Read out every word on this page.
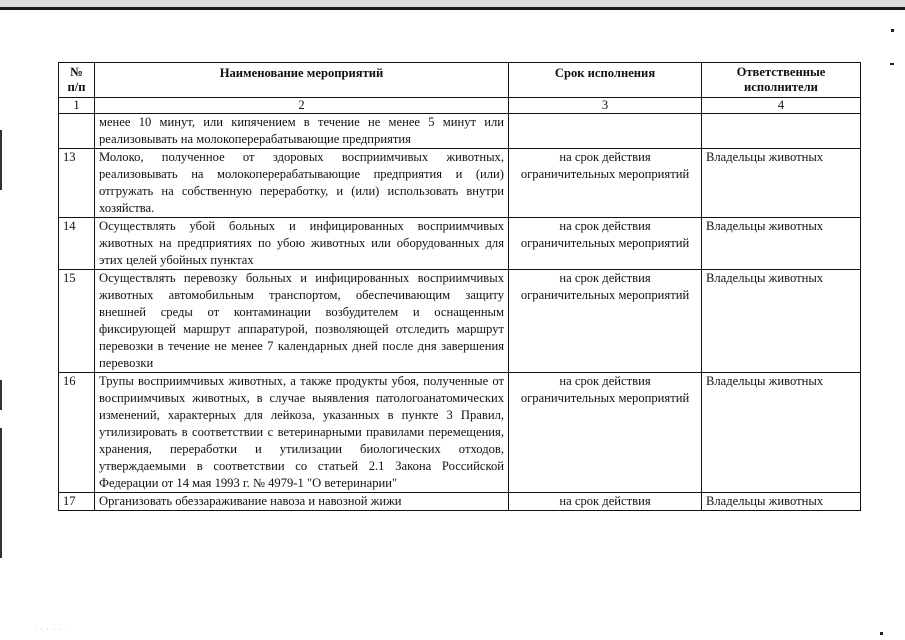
№
п/п	Наименование мероприятий	Срок исполнения	Ответственные
исполнители
1	2	3	4
	менее 10 минут, или кипячением в течение не менее 5 минут или реализовывать на молокоперерабатывающие предприятия		
13	Молоко, полученное от здоровых восприимчивых животных, реализовывать на молокоперерабатывающие предприятия и (или) отгружать на собственную переработку, и (или) использовать внутри хозяйства.	на срок действия ограничительных мероприятий	Владельцы животных
14	Осуществлять убой больных и инфицированных восприимчивых животных на предприятиях по убою животных или оборудованных для этих целей убойных пунктах	на срок действия ограничительных мероприятий	Владельцы животных
15	Осуществлять перевозку больных и инфицированных восприимчивых животных автомобильным транспортом, обеспечивающим защиту внешней среды от контаминации возбудителем и оснащенным фиксирующей маршрут аппаратурой, позволяющей отследить маршрут перевозки в течение не менее 7 календарных дней после дня завершения перевозки	на срок действия ограничительных мероприятий	Владельцы животных
16	Трупы восприимчивых животных, а также продукты убоя, полученные от восприимчивых животных, в случае выявления патологоанатомических изменений, характерных для лейкоза, указанных в пункте 3 Правил, утилизировать в соответствии с ветеринарными правилами перемещения, хранения, переработки и утилизации биологических отходов, утверждаемыми в соответствии со статьей 2.1 Закона Российской Федерации от 14 мая 1993 г. № 4979-1 "О ветеринарии"	на срок действия ограничительных мероприятий	Владельцы животных
17	Организовать обеззараживание навоза и навозной жижи	на срок действия	Владельцы животных
· · · · · ·
